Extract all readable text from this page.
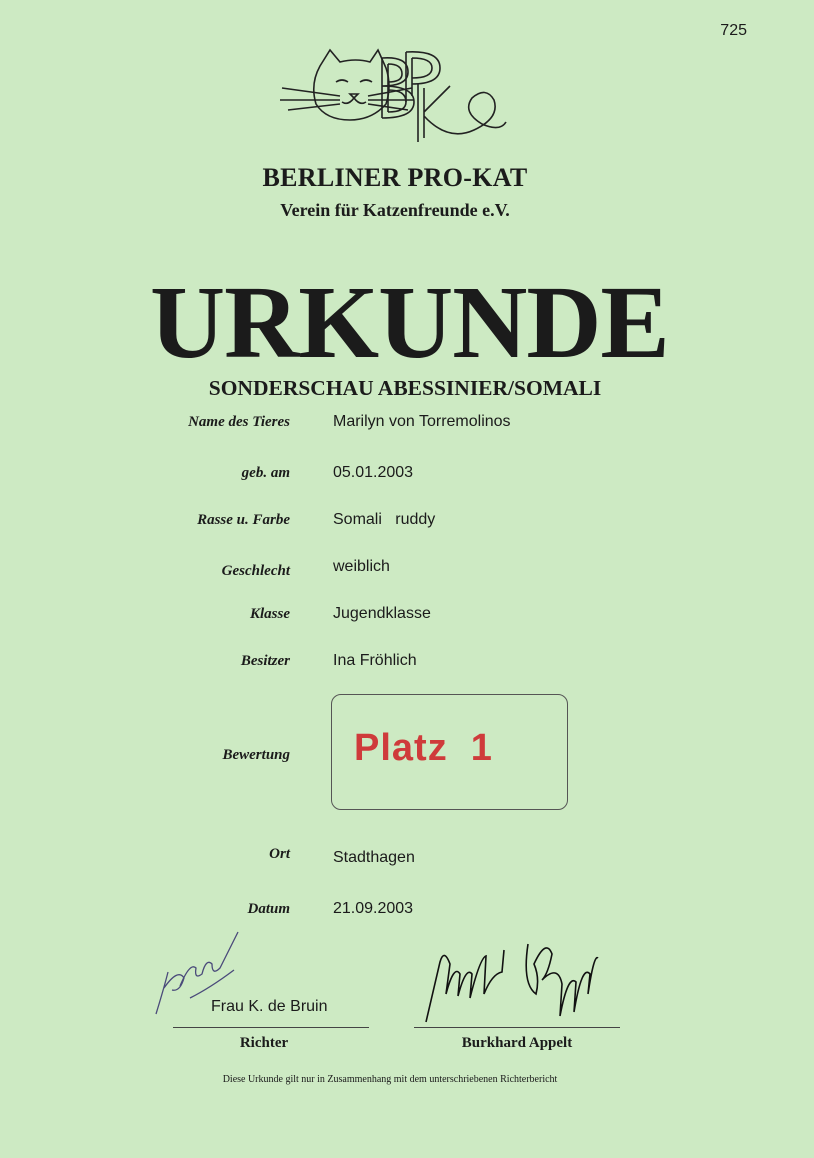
725
BPK
BERLINER PRO-KAT
Verein für Katzenfreunde e.V.
URKUNDE
SONDERSCHAU ABESSINIER/SOMALI
Name des Tieres	Marilyn von Torremolinos
geb. am	05.01.2003
Rasse u. Farbe	Somali   ruddy
Geschlecht	weiblich
Klasse	Jugendklasse
Besitzer	Ina Fröhlich
Bewertung Platz  1
Ort	Stadthagen
Datum	21.09.2003
Frau K. de Bruin
Richter	Burkhard Appelt
Diese Urkunde gilt nur in Zusammenhang mit dem unterschriebenen Richterbericht
